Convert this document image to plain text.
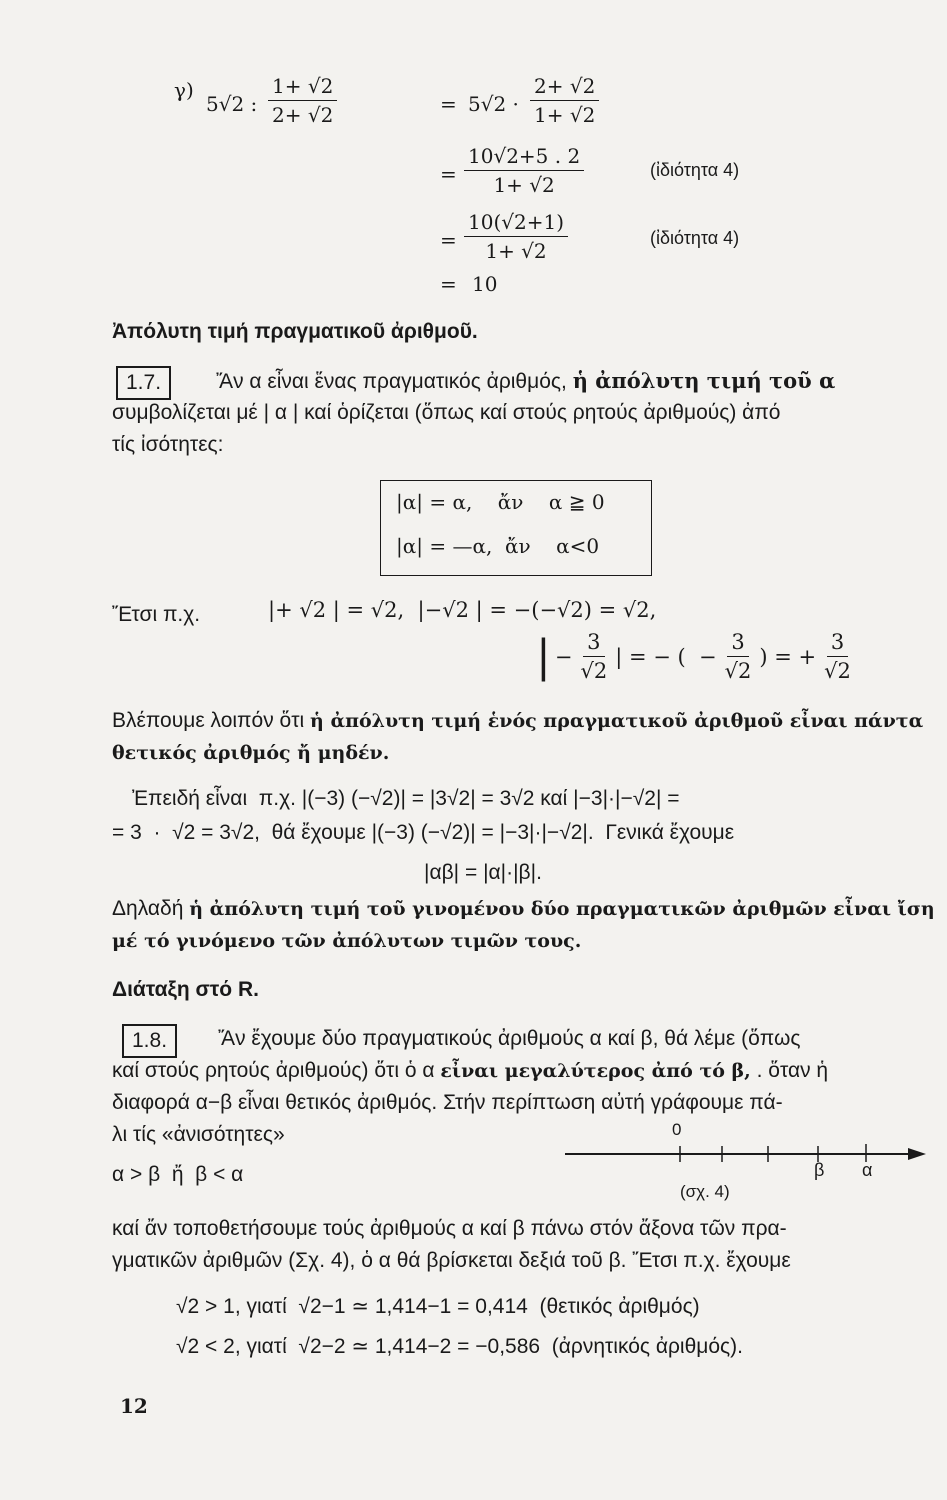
γ)
5√2 : $\frac{1+ √2}{2+ √2}$	= $5√2 \cdot \frac{2+ √2}{1+ √2}$
= $\frac{10√2+5 . 2}{1+ √2}$	(ἰδιότητα 4)
= $\frac{10(√2+1)}{1+ √2}$	(ἰδιότητα 4)
= 10
Ἀπόλυτη τιμή πραγματικοῦ ἀριθμοῦ.
1.7.	Ἄν α εἶναι ἕνας πραγματικός ἀριθμός, ἡ ἀπόλυτη τιμή τοῦ α
συμβολίζεται μέ | α | καί ὁρίζεται (ὅπως καί στούς ρητούς ἀριθμούς) ἀπό
τίς ἰσότητες:
|α| = α,    ἄν    α ≧ 0
|α| = —α,  ἄν    α<0
Ἔτσι π.χ.	|+ √2 | = √2,  |−√2 | = −(−√2) = √2,
| − $\frac{3}{√2}$ | = − (  − $\frac{3}{√2}$ ) = + $\frac{3}{√2}$
Βλέπουμε λοιπόν ὅτι ἡ ἀπόλυτη τιμή ἑνός πραγματικοῦ ἀριθμοῦ εἶναι πάντα
θετικός ἀριθμός ἤ μηδέν.
Ἐπειδή εἶναι  π.χ. |(−3) (−√2)| = |3√2| = 3√2 καί |−3|·|−√2| =
= 3  ·  √2 = 3√2,  θά ἔχουμε |(−3) (−√2)| = |−3|·|−√2|.  Γενικά ἔχουμε
|αβ| = |α|·|β|.
Δηλαδή ἡ ἀπόλυτη τιμή τοῦ γινομένου δύο πραγματικῶν ἀριθμῶν εἶναι ἴση
μέ τό γινόμενο τῶν ἀπόλυτων τιμῶν τους.
Διάταξη στό R.
1.8.	Ἄν ἔχουμε δύο πραγματικούς ἀριθμούς α καί β, θά λέμε (ὅπως
καί στούς ρητούς ἀριθμούς) ὅτι ὁ α εἶναι μεγαλύτερος ἀπό τό β, . ὅταν ἡ
διαφορά α−β εἶναι θετικός ἀριθμός. Στήν περίπτωση αὐτή γράφουμε πά-
λι τίς «ἀνισότητες»
α > β  ἤ  β < α
0
β α
(σχ. 4)
καί ἄν τοποθετήσουμε τούς ἀριθμούς α καί β πάνω στόν ἄξονα τῶν πρα-
γματικῶν ἀριθμῶν (Σχ. 4), ὁ α θά βρίσκεται δεξιά τοῦ β. Ἔτσι π.χ. ἔχουμε
√2 > 1, γιατί  √2−1 ≃ 1,414−1 = 0,414  (θετικός ἀριθμός)
√2 < 2, γιατί  √2−2 ≃ 1,414−2 = −0,586  (ἀρνητικός ἀριθμός).
12
